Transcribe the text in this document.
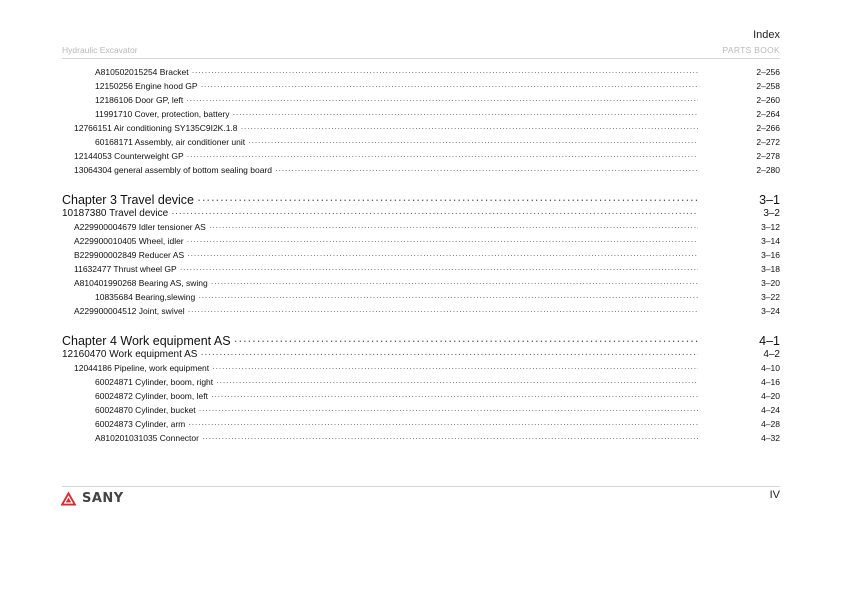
Index
Hydraulic Excavator	PARTS BOOK
A810502015254 Bracket ·····	2–256
12150256 Engine hood GP ·····	2–258
12186106 Door GP, left ·····	2–260
11991710 Cover, protection, battery ·····	2–264
12766151 Air conditioning SY135C9I2K.1.8 ·····	2–266
60168171 Assembly, air conditioner unit ·····	2–272
12144053 Counterweight GP ·····	2–278
13064304 general assembly of bottom sealing board ·····	2–280
Chapter 3 Travel device ·····	3–1
10187380 Travel device ·····	3–2
A229900004679 Idler tensioner AS ·····	3–12
A229900010405 Wheel, idler ·····	3–14
B229900002849 Reducer AS ·····	3–16
11632477 Thrust wheel GP ·····	3–18
A810401990268 Bearing AS, swing ·····	3–20
10835684 Bearing,slewing ·····	3–22
A229900004512 Joint, swivel ·····	3–24
Chapter 4 Work equipment AS ·····	4–1
12160470 Work equipment AS ·····	4–2
12044186 Pipeline, work equipment ·····	4–10
60024871 Cylinder, boom, right ·····	4–16
60024872 Cylinder, boom, left ·····	4–20
60024870 Cylinder, bucket ·····	4–24
60024873 Cylinder, arm ·····	4–28
A810201031035 Connector ·····	4–32
SANY	IV
